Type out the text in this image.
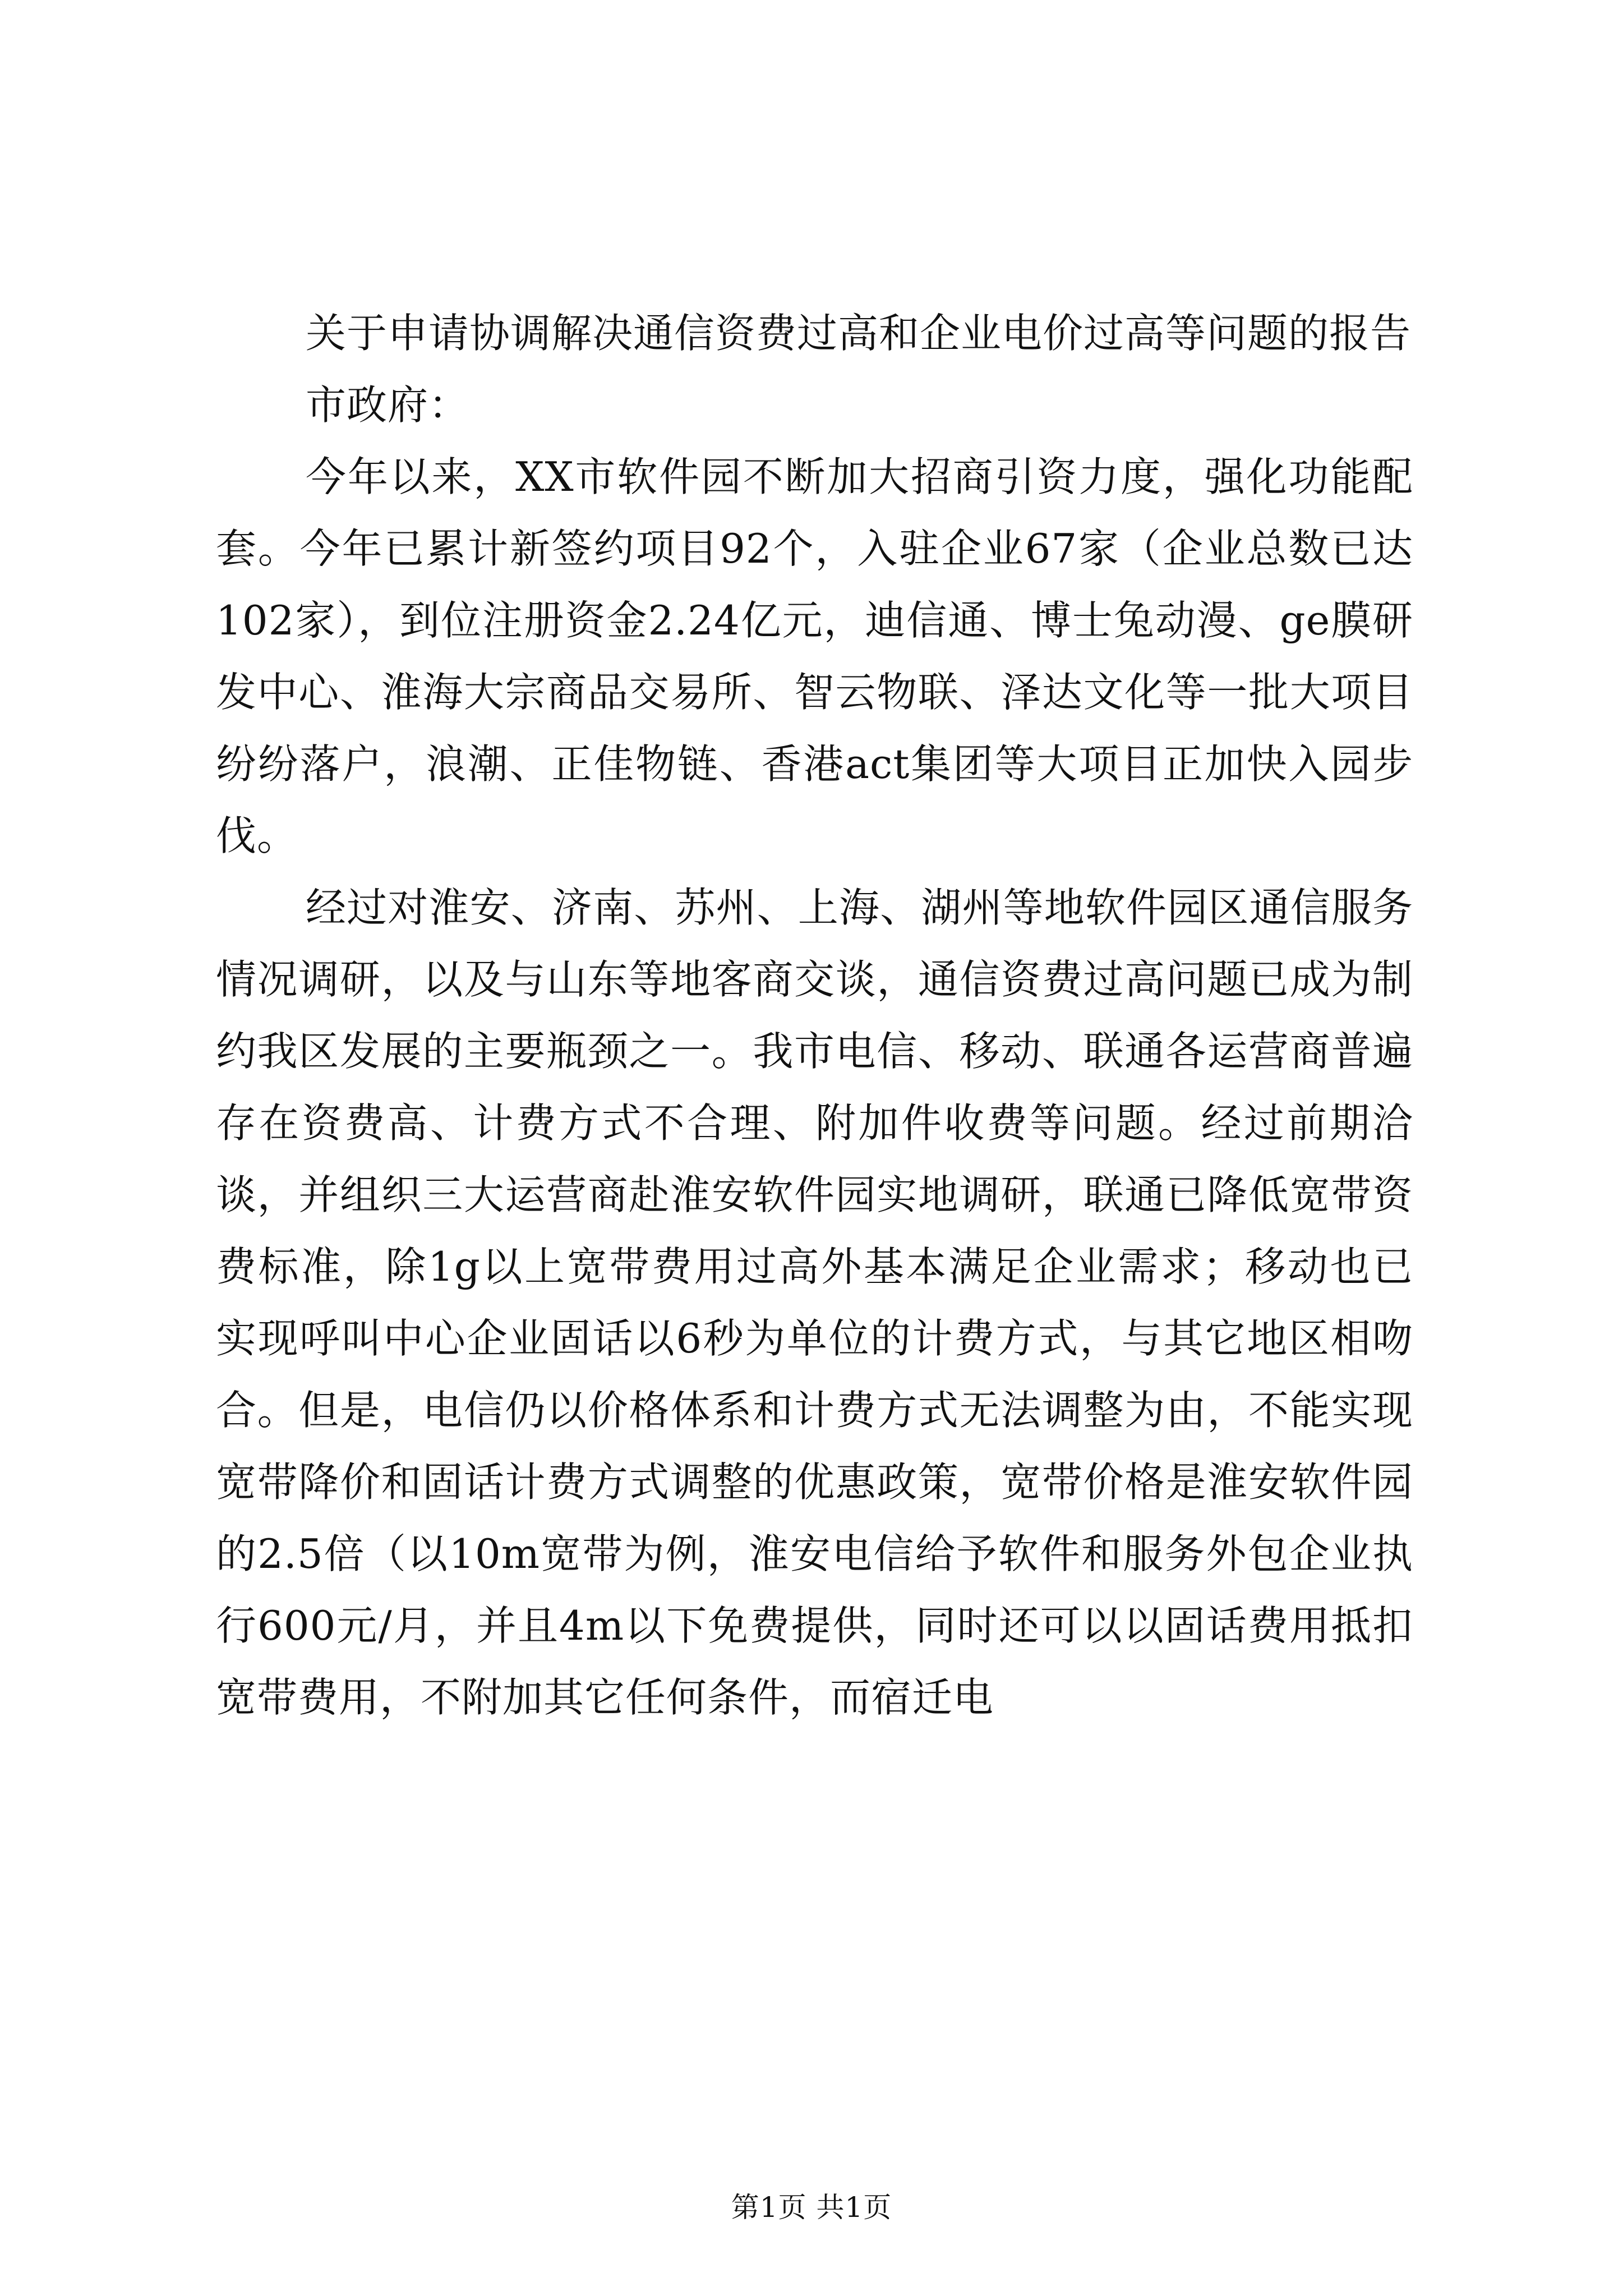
关于申请协调解决通信资费过高和企业电价过高等问题的报告

市政府：

今年以来，XX市软件园不断加大招商引资力度，强化功能配套。今年已累计新签约项目92个，入驻企业67家（企业总数已达102家），到位注册资金2.24亿元，迪信通、博士兔动漫、ge膜研发中心、淮海大宗商品交易所、智云物联、泽达文化等一批大项目纷纷落户，浪潮、正佳物链、香港act集团等大项目正加快入园步伐。

经过对淮安、济南、苏州、上海、湖州等地软件园区通信服务情况调研，以及与山东等地客商交谈，通信资费过高问题已成为制约我区发展的主要瓶颈之一。我市电信、移动、联通各运营商普遍存在资费高、计费方式不合理、附加件收费等问题。经过前期洽谈，并组织三大运营商赴淮安软件园实地调研，联通已降低宽带资费标准，除1g以上宽带费用过高外基本满足企业需求；移动也已实现呼叫中心企业固话以6秒为单位的计费方式，与其它地区相吻合。但是，电信仍以价格体系和计费方式无法调整为由，不能实现宽带降价和固话计费方式调整的优惠政策，宽带价格是淮安软件园的2.5倍（以10m宽带为例，淮安电信给予软件和服务外包企业执行600元/月，并且4m以下免费提供，同时还可以以固话费用抵扣宽带费用，不附加其它任何条件，而宿迁电

第1页 共1页
